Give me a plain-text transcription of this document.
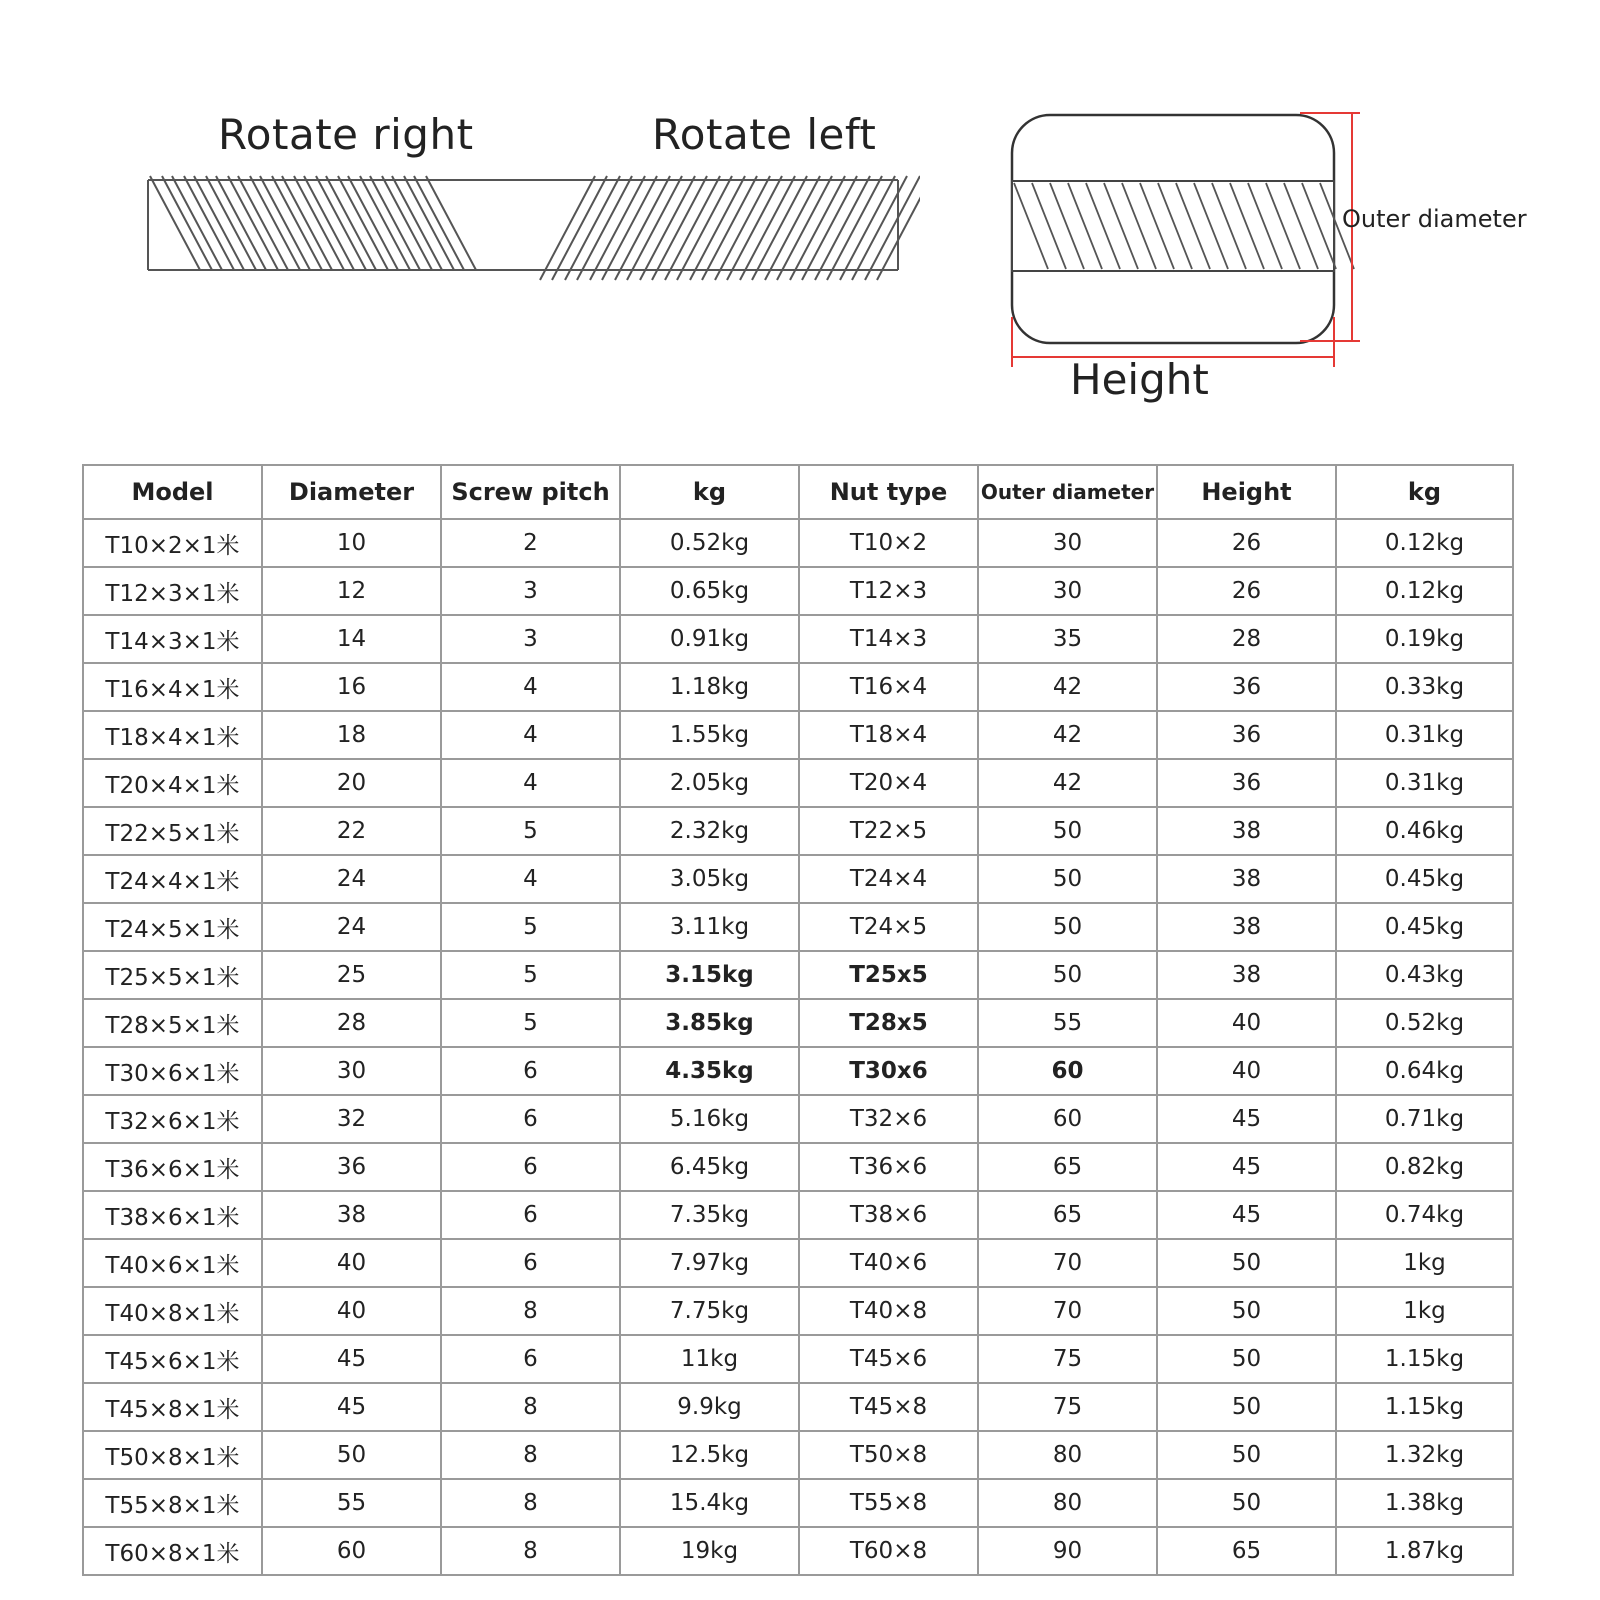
Rotate right	Rotate left
Outer diameter
Height
Model	Diameter	Screw pitch	kg	Nut type	Outer diameter	Height	kg
T10×2×1米	10	2	0.52kg	T10×2	30	26	0.12kg
T12×3×1米	12	3	0.65kg	T12×3	30	26	0.12kg
T14×3×1米	14	3	0.91kg	T14×3	35	28	0.19kg
T16×4×1米	16	4	1.18kg	T16×4	42	36	0.33kg
T18×4×1米	18	4	1.55kg	T18×4	42	36	0.31kg
T20×4×1米	20	4	2.05kg	T20×4	42	36	0.31kg
T22×5×1米	22	5	2.32kg	T22×5	50	38	0.46kg
T24×4×1米	24	4	3.05kg	T24×4	50	38	0.45kg
T24×5×1米	24	5	3.11kg	T24×5	50	38	0.45kg
T25×5×1米	25	5	3.15kg	T25x5	50	38	0.43kg
T28×5×1米	28	5	3.85kg	T28x5	55	40	0.52kg
T30×6×1米	30	6	4.35kg	T30x6	60	40	0.64kg
T32×6×1米	32	6	5.16kg	T32×6	60	45	0.71kg
T36×6×1米	36	6	6.45kg	T36×6	65	45	0.82kg
T38×6×1米	38	6	7.35kg	T38×6	65	45	0.74kg
T40×6×1米	40	6	7.97kg	T40×6	70	50	1kg
T40×8×1米	40	8	7.75kg	T40×8	70	50	1kg
T45×6×1米	45	6	11kg	T45×6	75	50	1.15kg
T45×8×1米	45	8	9.9kg	T45×8	75	50	1.15kg
T50×8×1米	50	8	12.5kg	T50×8	80	50	1.32kg
T55×8×1米	55	8	15.4kg	T55×8	80	50	1.38kg
T60×8×1米	60	8	19kg	T60×8	90	65	1.87kg
